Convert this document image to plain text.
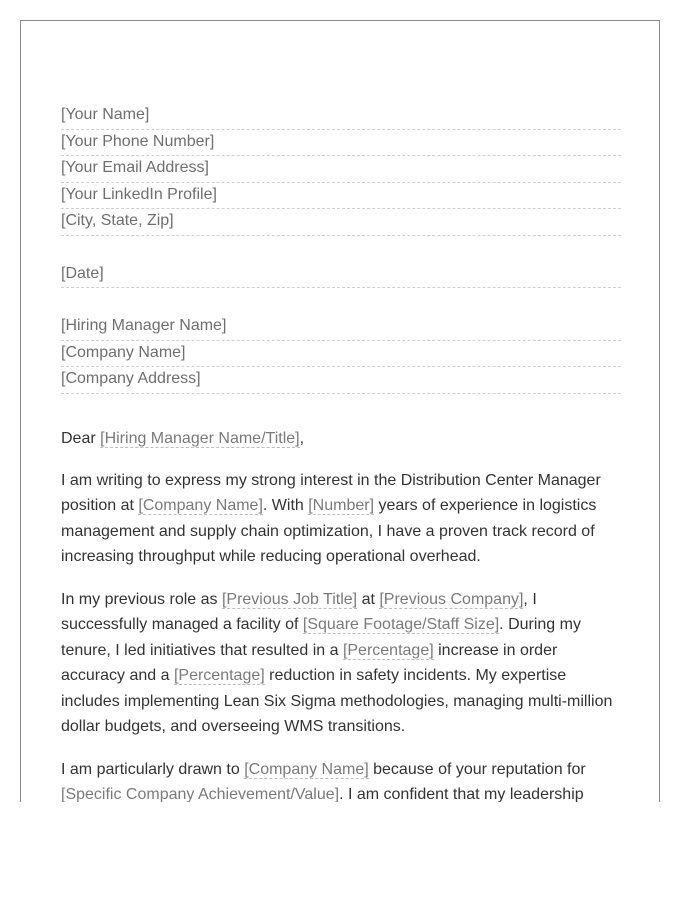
[Your Name]
[Your Phone Number]
[Your Email Address]
[Your LinkedIn Profile]
[City, State, Zip]
[Date]
[Hiring Manager Name]
[Company Name]
[Company Address]
Dear [Hiring Manager Name/Title],

I am writing to express my strong interest in the Distribution Center Manager position at [Company Name]. With [Number] years of experience in logistics management and supply chain optimization, I have a proven track record of increasing throughput while reducing operational overhead.

In my previous role as [Previous Job Title] at [Previous Company], I successfully managed a facility of [Square Footage/Staff Size]. During my tenure, I led initiatives that resulted in a [Percentage] increase in order accuracy and a [Percentage] reduction in safety incidents. My expertise includes implementing Lean Six Sigma methodologies, managing multi-million dollar budgets, and overseeing WMS transitions.

I am particularly drawn to [Company Name] because of your reputation for [Specific Company Achievement/Value]. I am confident that my leadership
